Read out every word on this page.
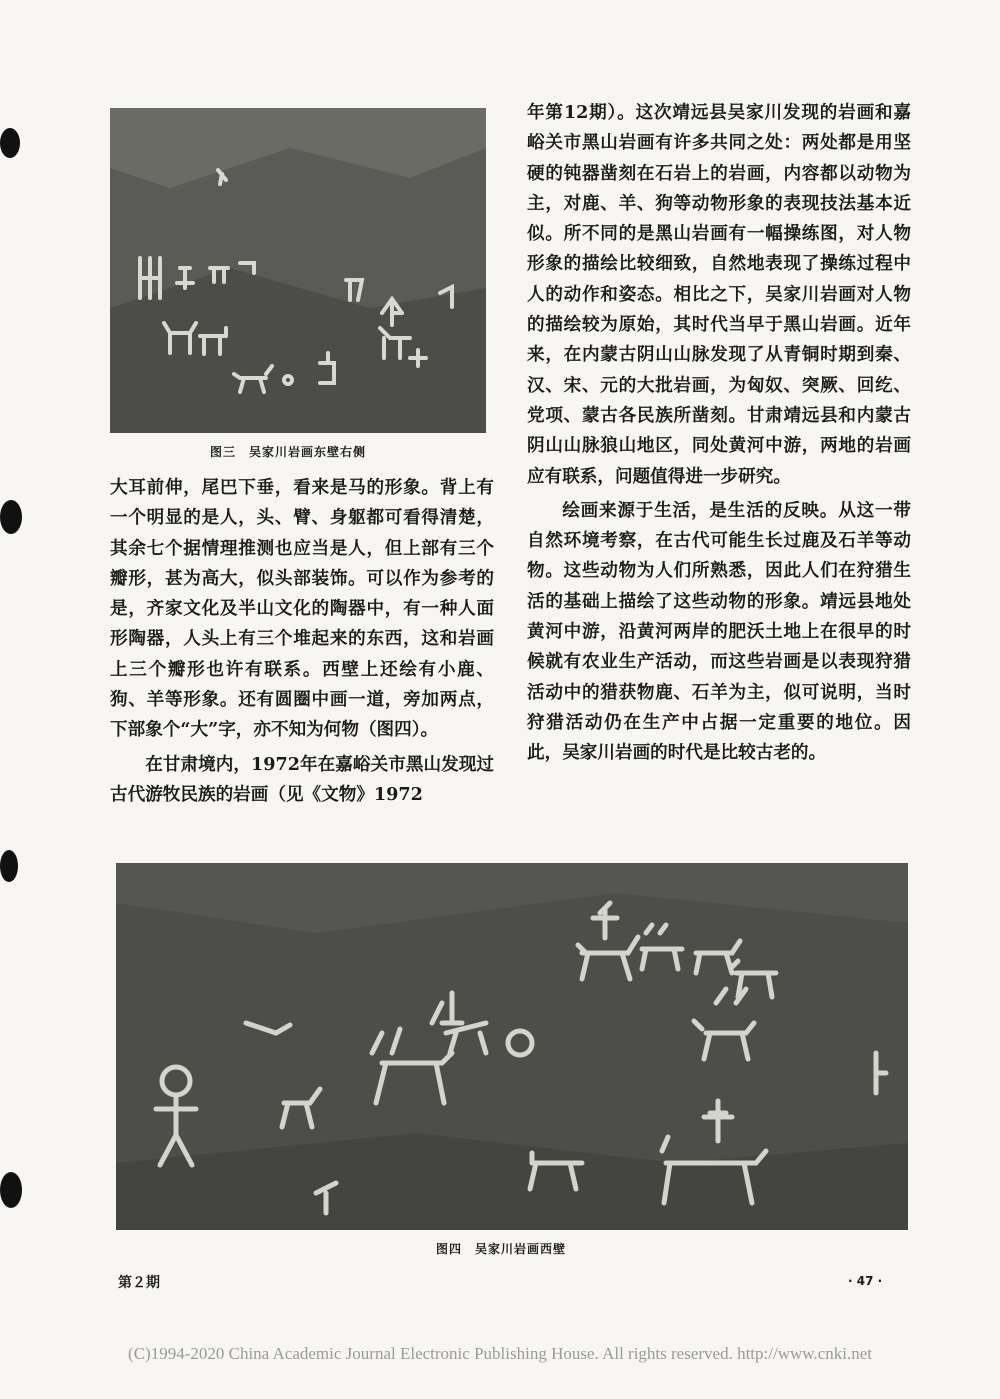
图三　吴家川岩画东壁右侧

大耳前伸，尾巴下垂，看来是马的形象。背上有一个明显的是人，头、臂、身躯都可看得清楚，其余七个据情理推测也应当是人，但上部有三个瓣形，甚为高大，似头部装饰。可以作为参考的是，齐家文化及半山文化的陶器中，有一种人面形陶器，人头上有三个堆起来的东西，这和岩画上三个瓣形也许有联系。西壁上还绘有小鹿、狗、羊等形象。还有圆圈中画一道，旁加两点，下部象个“大”字，亦不知为何物（图四）。

在甘肃境内，1972年在嘉峪关市黑山发现过古代游牧民族的岩画（见《文物》1972

年第12期）。这次靖远县吴家川发现的岩画和嘉峪关市黑山岩画有许多共同之处：两处都是用坚硬的钝器凿刻在石岩上的岩画，内容都以动物为主，对鹿、羊、狗等动物形象的表现技法基本近似。所不同的是黑山岩画有一幅操练图，对人物形象的描绘比较细致，自然地表现了操练过程中人的动作和姿态。相比之下，吴家川岩画对人物的描绘较为原始，其时代当早于黑山岩画。近年来，在内蒙古阴山山脉发现了从青铜时期到秦、汉、宋、元的大批岩画，为匈奴、突厥、回纥、党项、蒙古各民族所凿刻。甘肃靖远县和内蒙古阴山山脉狼山地区，同处黄河中游，两地的岩画应有联系，问题值得进一步研究。

绘画来源于生活，是生活的反映。从这一带自然环境考察，在古代可能生长过鹿及石羊等动物。这些动物为人们所熟悉，因此人们在狩猎生活的基础上描绘了这些动物的形象。靖远县地处黄河中游，沿黄河两岸的肥沃土地上在很早的时候就有农业生产活动，而这些岩画是以表现狩猎活动中的猎获物鹿、石羊为主，似可说明，当时狩猎活动仍在生产中占据一定重要的地位。因此，吴家川岩画的时代是比较古老的。

图四　吴家川岩画西壁
第２期	· 47 ·
(C)1994-2020 China Academic Journal Electronic Publishing House. All rights reserved. http://www.cnki.net
